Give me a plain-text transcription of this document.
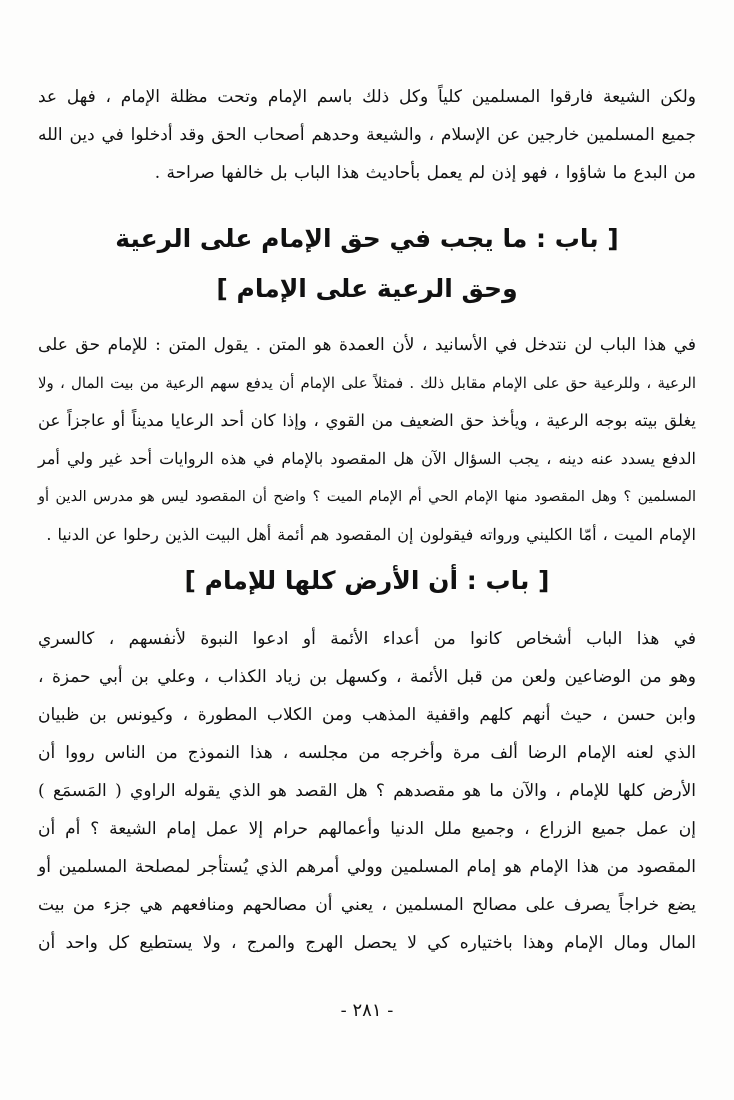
ولكن الشيعة فارقوا المسلمين كلياً وكل ذلك باسم الإمام وتحت مظلة الإمام ، فهل عد
جميع المسلمين خارجين عن الإسلام ، والشيعة وحدهم أصحاب الحق وقد أدخلوا في دين الله
من البدع ما شاؤوا ، فهو إذن لم يعمل بأحاديث هذا الباب بل خالفها صراحة .
[ باب : ما يجب في حق الإمام على الرعية
وحق الرعية على الإمام ]
في هذا الباب لن نتدخل في الأسانيد ، لأن العمدة هو المتن . يقول المتن : للإمام حق على
الرعية ، وللرعية حق على الإمام مقابل ذلك . فمثلاً على الإمام أن يدفع سهم الرعية من بيت المال ، ولا
يغلق بيته بوجه الرعية ، ويأخذ حق الضعيف من القوي ، وإذا كان أحد الرعايا مديناً أو عاجزاً عن
الدفع يسدد عنه دينه ، يجب السؤال الآن هل المقصود بالإمام في هذه الروايات أحد غير ولي أمر
المسلمين ؟ وهل المقصود منها الإمام الحي أم الإمام الميت ؟ واضح أن المقصود ليس هو مدرس الدين أو
الإمام الميت ، أمّا الكليني ورواته فيقولون إن المقصود هم أئمة أهل البيت الذين رحلوا عن الدنيا .
[ باب : أن الأرض كلها للإمام ]
في هذا الباب أشخاص كانوا من أعداء الأئمة أو ادعوا النبوة لأنفسهم ، كالسري
وهو من الوضاعين ولعن من قبل الأئمة ، وكسهل بن زياد الكذاب ، وعلي بن أبي حمزة ،
وابن حسن ، حيث أنهم كلهم واقفية المذهب ومن الكلاب المطورة ، وكيونس بن ظبيان
الذي لعنه الإمام الرضا ألف مرة وأخرجه من مجلسه ، هذا النموذج من الناس رووا أن
الأرض كلها للإمام ، والآن ما هو مقصدهم ؟ هل القصد هو الذي يقوله الراوي ( المَسمَع )
إن عمل جميع الزراع ، وجميع ملل الدنيا وأعمالهم حرام إلا عمل إمام الشيعة ؟ أم أن
المقصود من هذا الإمام هو إمام المسلمين وولي أمرهم الذي يُستأجر لمصلحة المسلمين أو
يضع خراجاً يصرف على مصالح المسلمين ، يعني أن مصالحهم ومنافعهم هي جزء من بيت
المال ومال الإمام وهذا باختياره كي لا يحصل الهرج والمرج ، ولا يستطيع كل واحد أن
- ٢٨١ -
